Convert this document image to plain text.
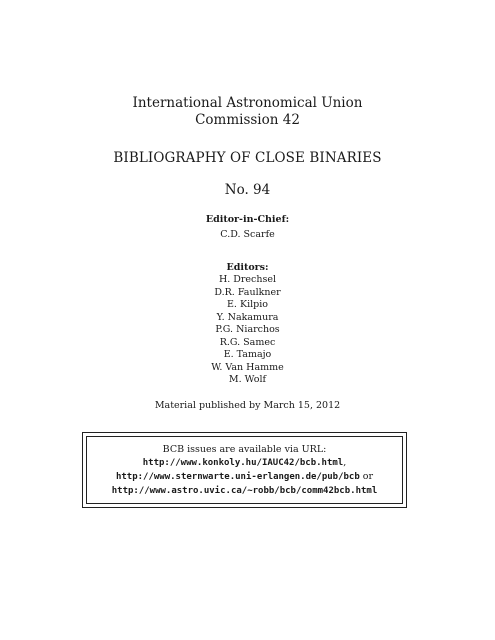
International Astronomical Union
Commission 42
BIBLIOGRAPHY OF CLOSE BINARIES
No. 94
Editor-in-Chief:
C.D. Scarfe
Editors:
H. Drechsel
D.R. Faulkner
E. Kilpio
Y. Nakamura
P.G. Niarchos
R.G. Samec
E. Tamajo
W. Van Hamme
M. Wolf
Material published by March 15, 2012
BCB issues are available via URL:
http://www.konkoly.hu/IAUC42/bcb.html,
http://www.sternwarte.uni-erlangen.de/pub/bcb or
http://www.astro.uvic.ca/~robb/bcb/comm42bcb.html
